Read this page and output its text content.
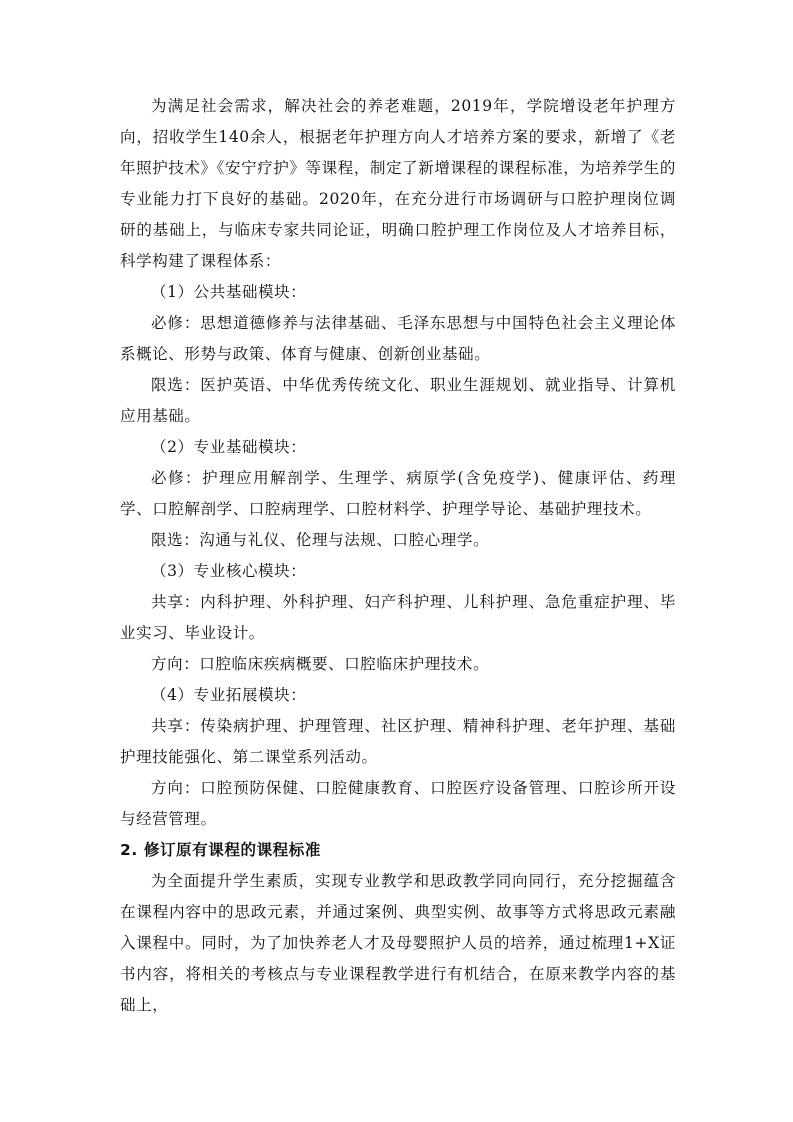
为满足社会需求，解决社会的养老难题，2019年，学院增设老年护理方向，招收学生140余人，根据老年护理方向人才培养方案的要求，新增了《老年照护技术》《安宁疗护》等课程，制定了新增课程的课程标准，为培养学生的专业能力打下良好的基础。2020年，在充分进行市场调研与口腔护理岗位调研的基础上，与临床专家共同论证，明确口腔护理工作岗位及人才培养目标，科学构建了课程体系：

（1）公共基础模块：

必修：思想道德修养与法律基础、毛泽东思想与中国特色社会主义理论体系概论、形势与政策、体育与健康、创新创业基础。

限选：医护英语、中华优秀传统文化、职业生涯规划、就业指导、计算机应用基础。

（2）专业基础模块：

必修：护理应用解剖学、生理学、病原学(含免疫学)、健康评估、药理学、口腔解剖学、口腔病理学、口腔材料学、护理学导论、基础护理技术。

限选：沟通与礼仪、伦理与法规、口腔心理学。

（3）专业核心模块：

共享：内科护理、外科护理、妇产科护理、儿科护理、急危重症护理、毕业实习、毕业设计。

方向：口腔临床疾病概要、口腔临床护理技术。

（4）专业拓展模块：

共享：传染病护理、护理管理、社区护理、精神科护理、老年护理、基础护理技能强化、第二课堂系列活动。

方向：口腔预防保健、口腔健康教育、口腔医疗设备管理、口腔诊所开设与经营管理。

2. 修订原有课程的课程标准

为全面提升学生素质，实现专业教学和思政教学同向同行，充分挖掘蕴含在课程内容中的思政元素，并通过案例、典型实例、故事等方式将思政元素融入课程中。同时，为了加快养老人才及母婴照护人员的培养，通过梳理1+X证书内容，将相关的考核点与专业课程教学进行有机结合，在原来教学内容的基础上，
